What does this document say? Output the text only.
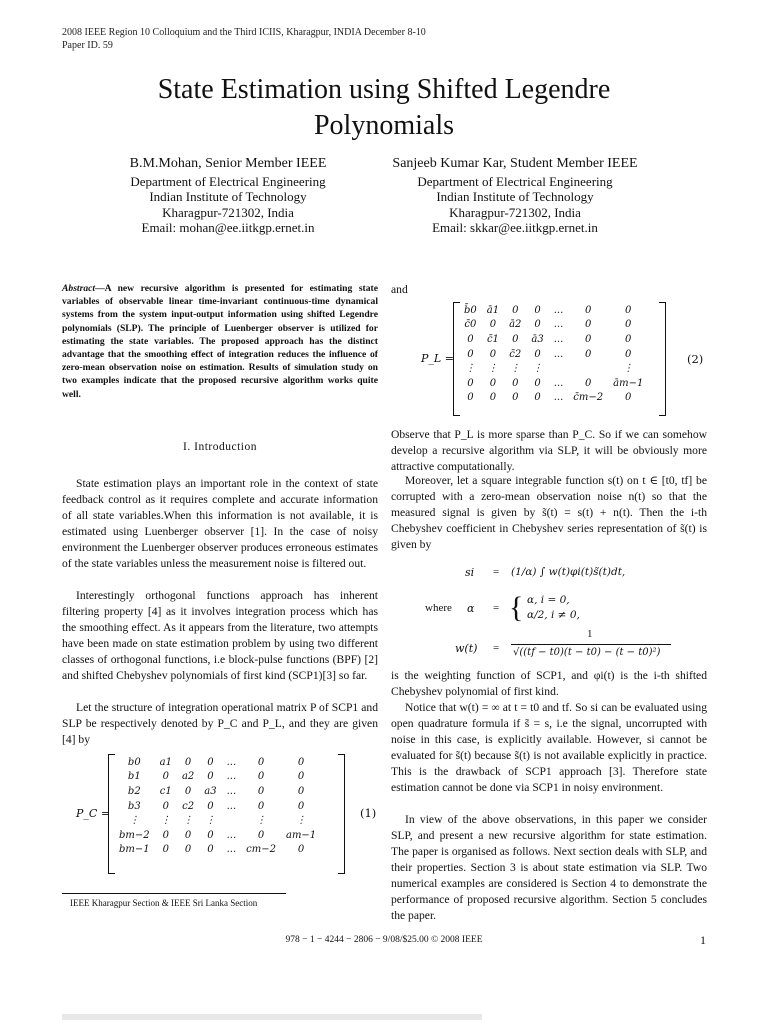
2008 IEEE Region 10 Colloquium and the Third ICIIS, Kharagpur, INDIA December 8-10
Paper ID. 59
State Estimation using Shifted Legendre
Polynomials
B.M.Mohan, Senior Member IEEE
Department of Electrical Engineering
Indian Institute of Technology
Kharagpur-721302, India
Email: mohan@ee.iitkgp.ernet.in
Sanjeeb Kumar Kar, Student Member IEEE
Department of Electrical Engineering
Indian Institute of Technology
Kharagpur-721302, India
Email: skkar@ee.iitkgp.ernet.in
Abstract—A new recursive algorithm is presented for estimating state variables of observable linear time-invariant continuous-time dynamical systems from the system input-output information using shifted Legendre polynomials (SLP). The principle of Luenberger observer is utilized for estimating the state variables. The proposed approach has the distinct advantage that the smoothing effect of integration reduces the influence of zero-mean observation noise on estimation. Results of simulation study on two examples indicate that the proposed recursive algorithm works quite well.
I. Introduction
State estimation plays an important role in the context of state feedback control as it requires complete and accurate information of all state variables.When this information is not available, it is estimated using Luenberger observer [1]. In the case of noisy environment the Luenberger observer produces erroneous estimates of the state variables unless the measurement noise is filtered out.
Interestingly orthogonal functions approach has inherent filtering property [4] as it involves integration process which has the smoothing effect. As it appears from the literature, two attempts have been made on state estimation problem by using two different classes of orthogonal functions, i.e block-pulse functions (BPF) [2] and shifted Chebyshev polynomials of first kind (SCP1)[3] so far.
Let the structure of integration operational matrix P of SCP1 and SLP be respectively denoted by P_C and P_L, and they are given [4] by
P_C =
b0	a1	0	0	...	0	0
b1	0	a2	0	...	0	0
b2	c1	0	a3	...	0	0
b3	0	c2	0	...	0	0
⋮	⋮	⋮	⋮		⋮	⋮
bm−2	0	0	0	...	0	am−1
bm−1	0	0	0	...	cm−2	0
(1)
IEEE Kharagpur Section & IEEE Sri Lanka Section
and
P_L =
b̄0	ā1	0	0	...	0	0
c̄0	0	ā2	0	...	0	0
0	c̄1	0	ā3	...	0	0
0	0	c̄2	0	...	0	0
⋮	⋮	⋮	⋮			⋮
0	0	0	0	...	0	ām−1
0	0	0	0	...	c̄m−2	0
(2)
Observe that P_L is more sparse than P_C. So if we can somehow develop a recursive algorithm via SLP, it will be obviously more attractive computationally.
Moreover, let a square integrable function s(t) on t ∈ [t0, tf] be corrupted with a zero-mean observation noise n(t) so that the measured signal is given by s̃(t) = s(t) + n(t). Then the i-th Chebyshev coefficient in Chebyshev series representation of s̃(t) is given by
si = (1/α) ∫ w(t)φi(t)s̃(t)dt,
where α = { α, i = 0,
α/2, i ≠ 0,
w(t) =
1
√((tf − t0)(t − t0) − (t − t0)²)
is the weighting function of SCP1, and φi(t) is the i-th shifted Chebyshev polynomial of first kind.
Notice that w(t) = ∞ at t = t0 and tf. So si can be evaluated using open quadrature formula if s̃ = s, i.e the signal, uncorrupted with noise in this case, is explicitly available. However, si cannot be evaluated for s̃(t) because s̃(t) is not available explicitly in practice. This is the drawback of SCP1 approach [3]. Therefore state estimation cannot be done via SCP1 in noisy environment.
In view of the above observations, in this paper we consider SLP, and present a new recursive algorithm for state estimation. The paper is organised as follows. Next section deals with SLP, and their properties. Section 3 is about state estimation via SLP. Two numerical examples are considered is Section 4 to demonstrate the performance of proposed recursive algorithm. Section 5 concludes the paper.
978 − 1 − 4244 − 2806 − 9/08/$25.00 © 2008 IEEE	1
